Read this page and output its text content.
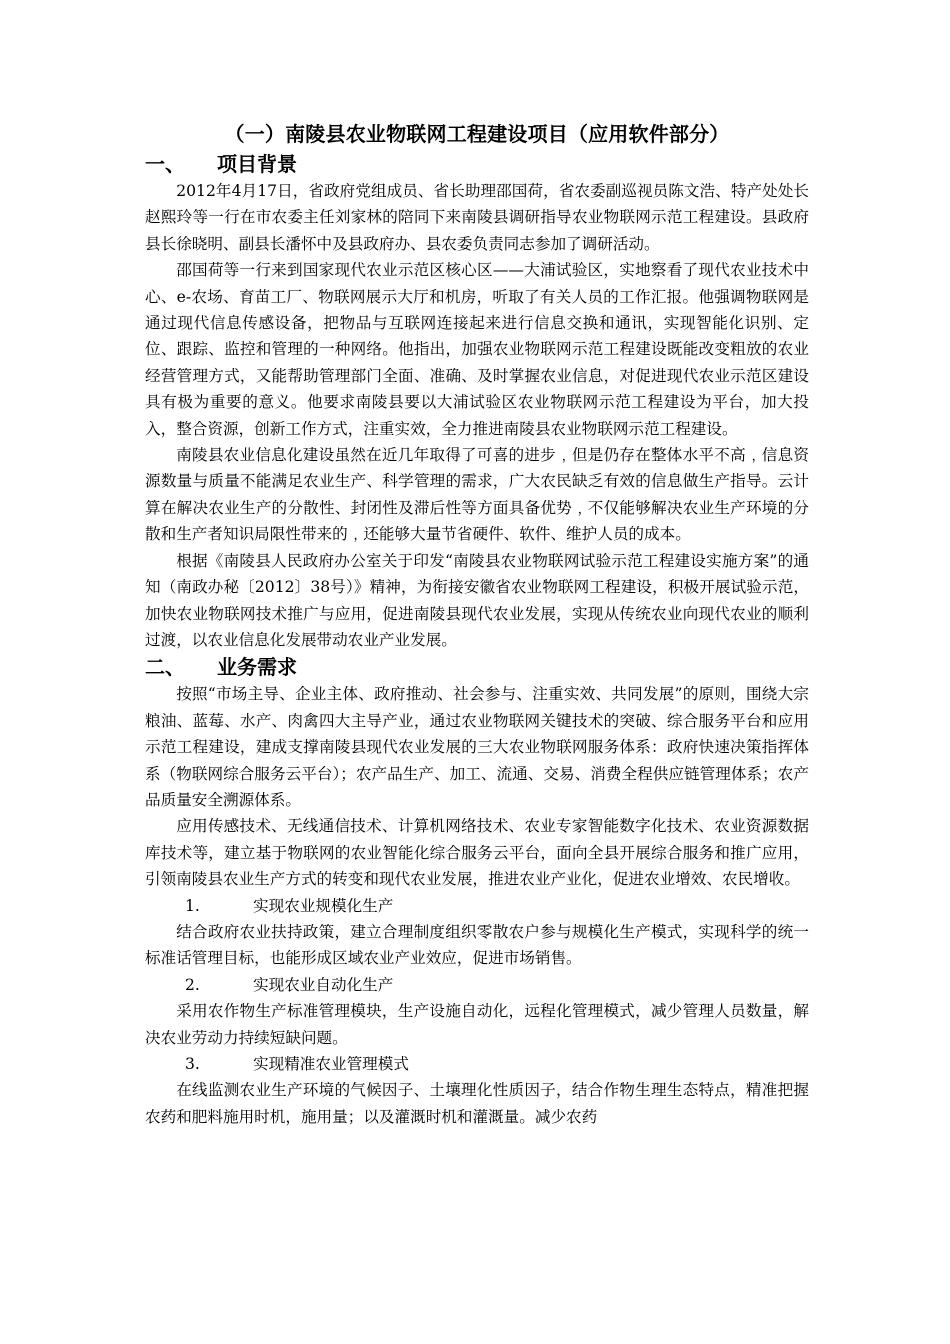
（一）南陵县农业物联网工程建设项目（应用软件部分）
一、 项目背景

2012年4月17日，省政府党组成员、省长助理邵国荷，省农委副巡视员陈文浩、特产处处长赵熙玲等一行在市农委主任刘家林的陪同下来南陵县调研指导农业物联网示范工程建设。县政府县长徐晓明、副县长潘怀中及县政府办、县农委负责同志参加了调研活动。

邵国荷等一行来到国家现代农业示范区核心区——大浦试验区，实地察看了现代农业技术中心、e-农场、育苗工厂、物联网展示大厅和机房，听取了有关人员的工作汇报。他强调物联网是通过现代信息传感设备，把物品与互联网连接起来进行信息交换和通讯，实现智能化识别、定位、跟踪、监控和管理的一种网络。他指出，加强农业物联网示范工程建设既能改变粗放的农业经营管理方式，又能帮助管理部门全面、准确、及时掌握农业信息，对促进现代农业示范区建设具有极为重要的意义。他要求南陵县要以大浦试验区农业物联网示范工程建设为平台，加大投入，整合资源，创新工作方式，注重实效，全力推进南陵县农业物联网示范工程建设。

南陵县农业信息化建设虽然在近几年取得了可喜的进步﹐但是仍存在整体水平不高﹐信息资源数量与质量不能满足农业生产、科学管理的需求，广大农民缺乏有效的信息做生产指导。云计算在解决农业生产的分散性、封闭性及滞后性等方面具备优势﹐不仅能够解决农业生产环境的分散和生产者知识局限性带来的﹐还能够大量节省硬件、软件、维护人员的成本。

根据《南陵县人民政府办公室关于印发“南陵县农业物联网试验示范工程建设实施方案”的通知（南政办秘〔2012〕38号）》精神，为衔接安徽省农业物联网工程建设，积极开展试验示范，加快农业物联网技术推广与应用，促进南陵县现代农业发展，实现从传统农业向现代农业的顺利过渡，以农业信息化发展带动农业产业发展。

二、 业务需求

按照“市场主导、企业主体、政府推动、社会参与、注重实效、共同发展”的原则，围绕大宗粮油、蓝莓、水产、肉禽四大主导产业，通过农业物联网关键技术的突破、综合服务平台和应用示范工程建设，建成支撑南陵县现代农业发展的三大农业物联网服务体系：政府快速决策指挥体系（物联网综合服务云平台）；农产品生产、加工、流通、交易、消费全程供应链管理体系；农产品质量安全溯源体系。

应用传感技术、无线通信技术、计算机网络技术、农业专家智能数字化技术、农业资源数据库技术等，建立基于物联网的农业智能化综合服务云平台，面向全县开展综合服务和推广应用，引领南陵县农业生产方式的转变和现代农业发展，推进农业产业化，促进农业增效、农民增收。

1.	实现农业规模化生产

结合政府农业扶持政策，建立合理制度组织零散农户参与规模化生产模式，实现科学的统一标准话管理目标，也能形成区域农业产业效应，促进市场销售。

2.	实现农业自动化生产

采用农作物生产标准管理模块，生产设施自动化，远程化管理模式，减少管理人员数量，解决农业劳动力持续短缺问题。

3.	实现精准农业管理模式

在线监测农业生产环境的气候因子、土壤理化性质因子，结合作物生理生态特点，精准把握农药和肥料施用时机，施用量；以及灌溉时机和灌溉量。减少农药
